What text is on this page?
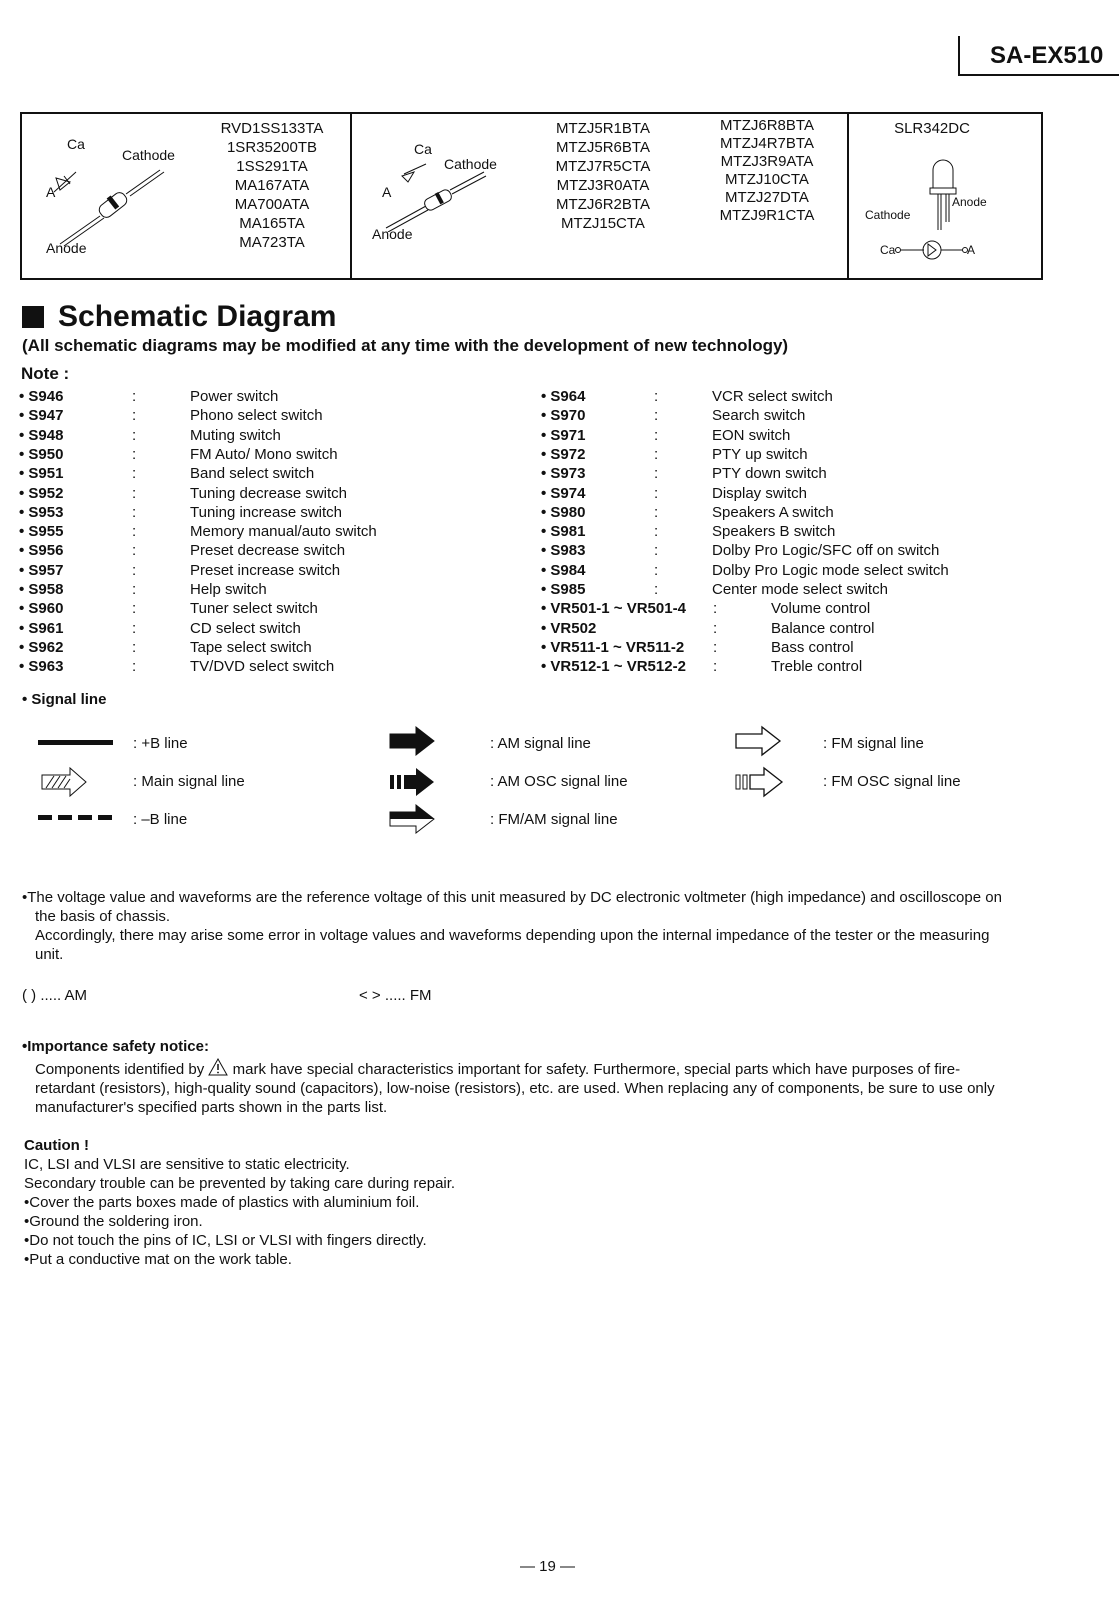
SA-EX510
Ca
A
Cathode
Anode
RVD1SS133TA
1SR35200TB
1SS291TA
MA167ATA
MA700ATA
MA165TA
MA723TA
Ca
A
Cathode
Anode
MTZJ5R1BTA
MTZJ5R6BTA
MTZJ7R5CTA
MTZJ3R0ATA
MTZJ6R2BTA
MTZJ15CTA
MTZJ6R8BTA
MTZJ4R7BTA
MTZJ3R9ATA
MTZJ10CTA
MTZJ27DTA
MTZJ9R1CTA
SLR342DC
Cathode
Anode
Ca	A
Schematic Diagram
(All schematic diagrams may be modified at any time with the development of new technology)
Note :
• S946	:	Power switch
• S947	:	Phono select switch
• S948	:	Muting switch
• S950	:	FM Auto/ Mono switch
• S951	:	Band select switch
• S952	:	Tuning decrease switch
• S953	:	Tuning increase switch
• S955	:	Memory manual/auto switch
• S956	:	Preset decrease switch
• S957	:	Preset increase switch
• S958	:	Help switch
• S960	:	Tuner select switch
• S961	:	CD select switch
• S962	:	Tape select switch
• S963	:	TV/DVD select switch
• S964	:	VCR select switch
• S970	:	Search switch
• S971	:	EON switch
• S972	:	PTY up switch
• S973	:	PTY down switch
• S974	:	Display switch
• S980	:	Speakers A switch
• S981	:	Speakers B switch
• S983	:	Dolby Pro Logic/SFC off on switch
• S984	:	Dolby Pro Logic mode select switch
• S985	:	Center mode select switch
• VR501-1 ~ VR501-4 :	Volume control
• VR502	:	Balance control
• VR511-1 ~ VR511-2 :	Bass control
• VR512-1 ~ VR512-2 :	Treble control
• Signal line
: +B line
: Main signal line
: –B line
: AM signal line
: AM OSC signal line
: FM/AM signal line
: FM signal line
: FM OSC signal line
•The voltage value and waveforms are the reference voltage of this unit measured by DC electronic voltmeter (high impedance) and oscilloscope on
the basis of chassis.
Accordingly, there may arise some error in voltage values and waveforms depending upon the internal impedance of the tester or the measuring
unit.
( ) ..... AM	< > ..... FM
•Importance safety notice:
Components identified by mark have special characteristics important for safety. Furthermore, special parts which have purposes of fire-
retardant (resistors), high-quality sound (capacitors), low-noise (resistors), etc. are used. When replacing any of components, be sure to use only
manufacturer's specified parts shown in the parts list.
Caution !
IC, LSI and VLSI are sensitive to static electricity.
Secondary trouble can be prevented by taking care during repair.
•Cover the parts boxes made of plastics with aluminium foil.
•Ground the soldering iron.
•Do not touch the pins of IC, LSI or VLSI with fingers directly.
•Put a conductive mat on the work table.
— 19 —
